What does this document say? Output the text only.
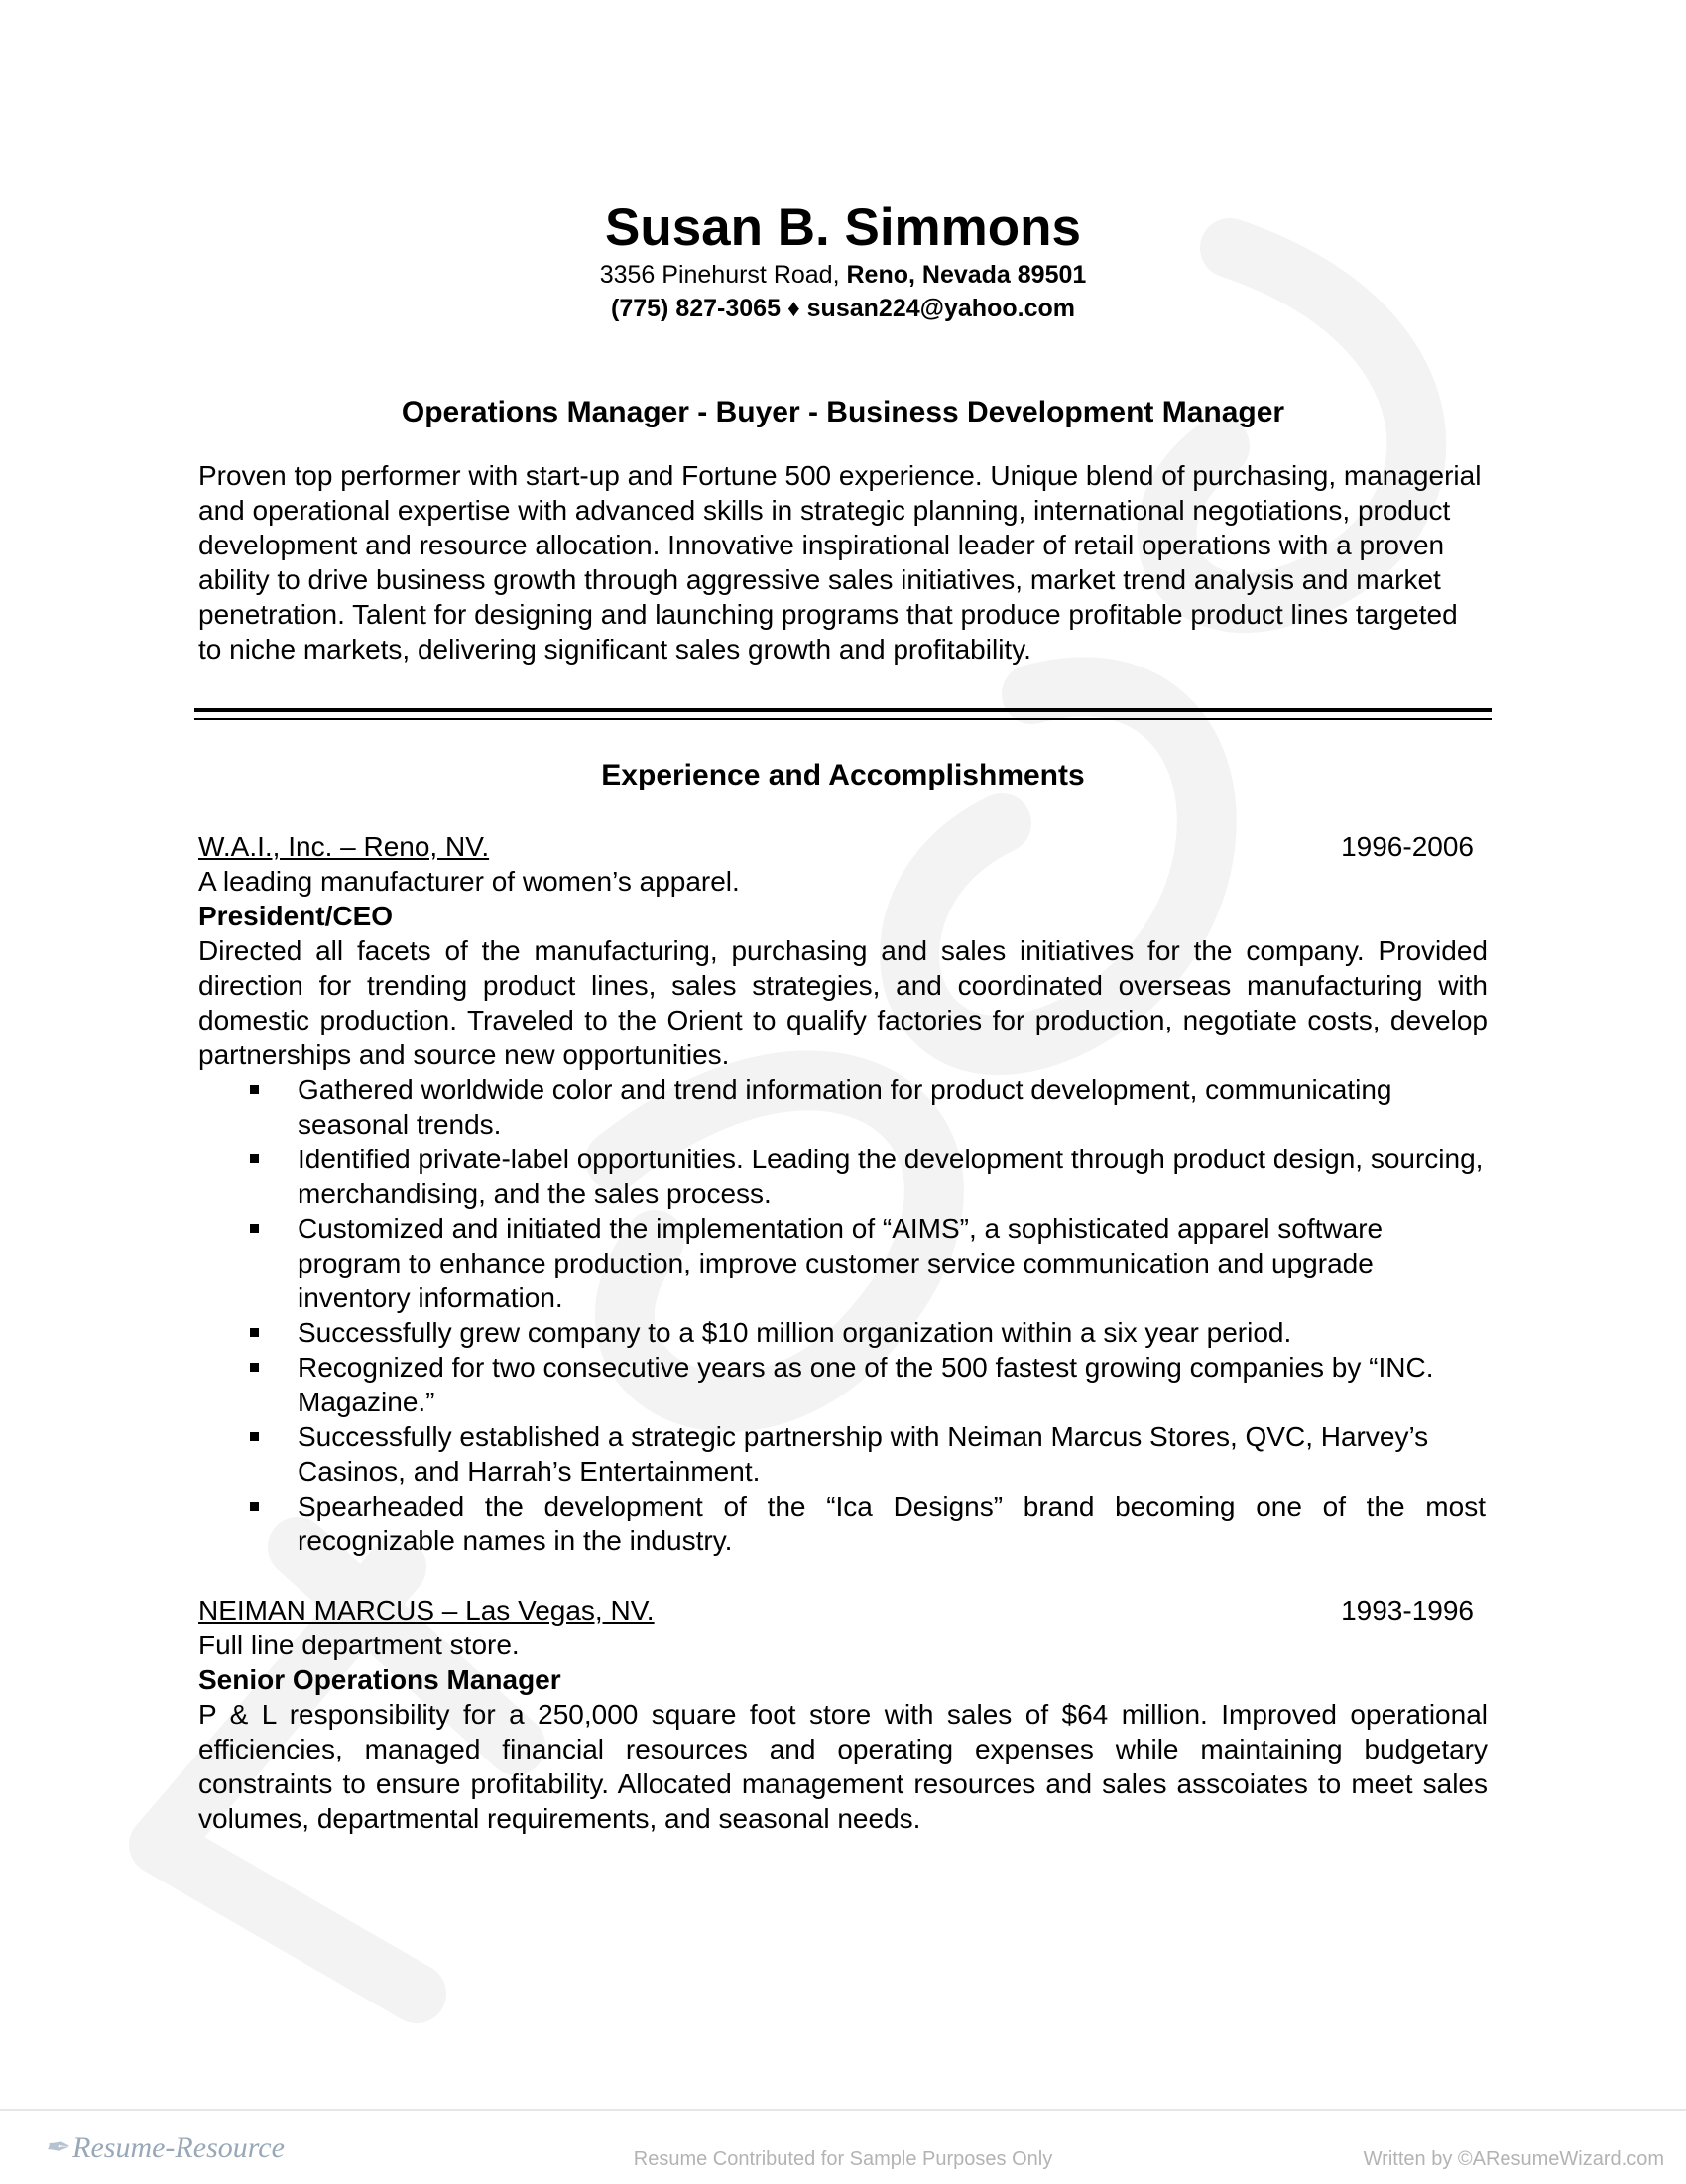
Susan B. Simmons
3356 Pinehurst Road, Reno, Nevada 89501
(775) 827-3065 ♦ susan224@yahoo.com
Operations Manager - Buyer - Business Development Manager
Proven top performer with start-up and Fortune 500 experience. Unique blend of purchasing, managerial and operational expertise with advanced skills in strategic planning, international negotiations, product development and resource allocation. Innovative inspirational leader of retail operations with a proven ability to drive business growth through aggressive sales initiatives, market trend analysis and market penetration. Talent for designing and launching programs that produce profitable product lines targeted to niche markets, delivering significant sales growth and profitability.
Experience and Accomplishments
W.A.I., Inc. – Reno, NV.	1996-2006
A leading manufacturer of women’s apparel.
President/CEO
Directed all facets of the manufacturing, purchasing and sales initiatives for the company. Provided direction for trending product lines, sales strategies, and coordinated overseas manufacturing with domestic production. Traveled to the Orient to qualify factories for production, negotiate costs, develop partnerships and source new opportunities.
Gathered worldwide color and trend information for product development, communicating seasonal trends.
Identified private-label opportunities. Leading the development through product design, sourcing, merchandising, and the sales process.
Customized and initiated the implementation of “AIMS”, a sophisticated apparel software program to enhance production, improve customer service communication and upgrade inventory information.
Successfully grew company to a $10 million organization within a six year period.
Recognized for two consecutive years as one of the 500 fastest growing companies by “INC. Magazine.”
Successfully established a strategic partnership with Neiman Marcus Stores, QVC, Harvey’s Casinos, and Harrah’s Entertainment.
Spearheaded the development of the “Ica Designs” brand becoming one of the most recognizable names in the industry.
NEIMAN MARCUS – Las Vegas, NV.	1993-1996
Full line department store.
Senior Operations Manager
P & L responsibility for a 250,000 square foot store with sales of $64 million. Improved operational efficiencies, managed financial resources and operating expenses while maintaining budgetary constraints to ensure profitability. Allocated management resources and sales asscoiates to meet sales volumes, departmental requirements, and seasonal needs.
✒ Resume-Resource	Resume Contributed for Sample Purposes Only	Written by ©AResumeWizard.com
